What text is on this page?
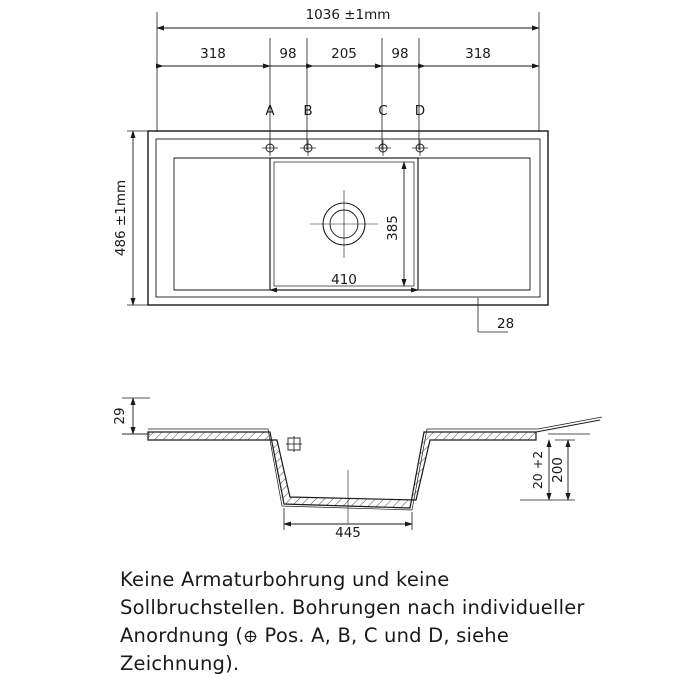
1036 ±1mm
318	98	205	98	318
A B	C D
486 ±1mm	385
410
28
29
445
20 +2 200
Keine Armaturbohrung und keine
Sollbruchstellen. Bohrungen nach individueller
Anordnung (
Pos. A, B, C und D, siehe
Zeichnung).
